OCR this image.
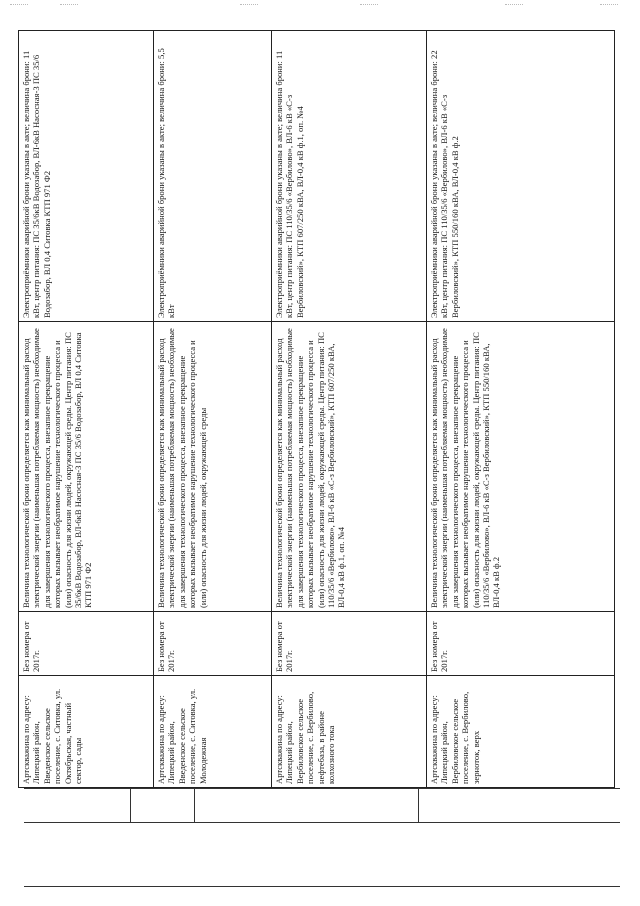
Артскважина по адресу: Липецкий район, Введенское сельское поселение, с. Ситовка, ул. Октябрьская, частный сектор, сады	Без номера от 2017г.	Величина технологической брони определяется как минимальный расход электрической энергии (наименьшая потребляемая мощность) необходимые для завершения технологического процесса, внезапное прекращение которых вызывает необратимое нарушение технологического процесса и (или) опасность для жизни людей, окружающей среды. Центр питания: ПС 35/6кВ Водозабор, ВЛ-6кВ Насосная-3 ПС 35/6 Водозабор, ВЛ 0,4 Ситовка КТП 971 Ф2	Электроприёмники аварийной брони указаны в акте; величина брони: 11 кВт, центр питания: ПС 35/6кВ Водозабор, ВЛ-6кВ Насосная-3 ПС 35/6 Водозабор, ВЛ 0,4 Ситовка КТП 971 Ф2
Артскважина по адресу: Липецкий район, Введенское сельское поселение, с. Ситовка, ул. Молодежная	Без номера от 2017г.	Величина технологической брони определяется как минимальный расход электрической энергии (наименьшая потребляемая мощность) необходимые для завершения технологического процесса, внезапное прекращение которых вызывает необратимое нарушение технологического процесса и (или) опасность для жизни людей, окружающей среды	Электроприёмники аварийной брони указаны в акте; величина брони: 5,5 кВт
Артскважина по адресу: Липецкий район, Вербиловское сельское поселение, с. Вербилово, нефтебаза, в районе колхозного тока	Без номера от 2017г.	Величина технологической брони определяется как минимальный расход электрической энергии (наименьшая потребляемая мощность) необходимые для завершения технологического процесса, внезапное прекращение которых вызывает необратимое нарушение технологического процесса и (или) опасность для жизни людей, окружающей среды. Центр питания: ПС 110/35/6 «Вербилово», ВЛ-6 кВ «С-з Вербиловский», КТП 607/250 кВА, ВЛ-0,4 кВ ф.1, оп. №4	Электроприёмники аварийной брони указаны в акте; величина брони: 11 кВт, центр питания: ПС 110/35/6 «Вербилово», ВЛ-6 кВ «С-з Вербиловский», КТП 607/250 кВА, ВЛ-0,4 кВ ф.1, оп. №4
Артскважина по адресу: Липецкий район, Вербиловское сельское поселение, с. Вербилово, зерноток, верх	Без номера от 2017г.	Величина технологической брони определяется как минимальный расход электрической энергии (наименьшая потребляемая мощность) необходимые для завершения технологического процесса, внезапное прекращение которых вызывает необратимое нарушение технологического процесса и (или) опасность для жизни людей, окружающей среды. Центр питания: ПС 110/35/6 «Вербилово», ВЛ-6 кВ «С-з Вербиловский», КТП 550/160 кВА, ВЛ-0,4 кВ ф.2	Электроприёмники аварийной брони указаны в акте; величина брони: 22 кВт, центр питания: ПС 110/35/6 «Вербилово», ВЛ-6 кВ «С-з Вербиловский», КТП 550/160 кВА, ВЛ-0,4 кВ ф.2
